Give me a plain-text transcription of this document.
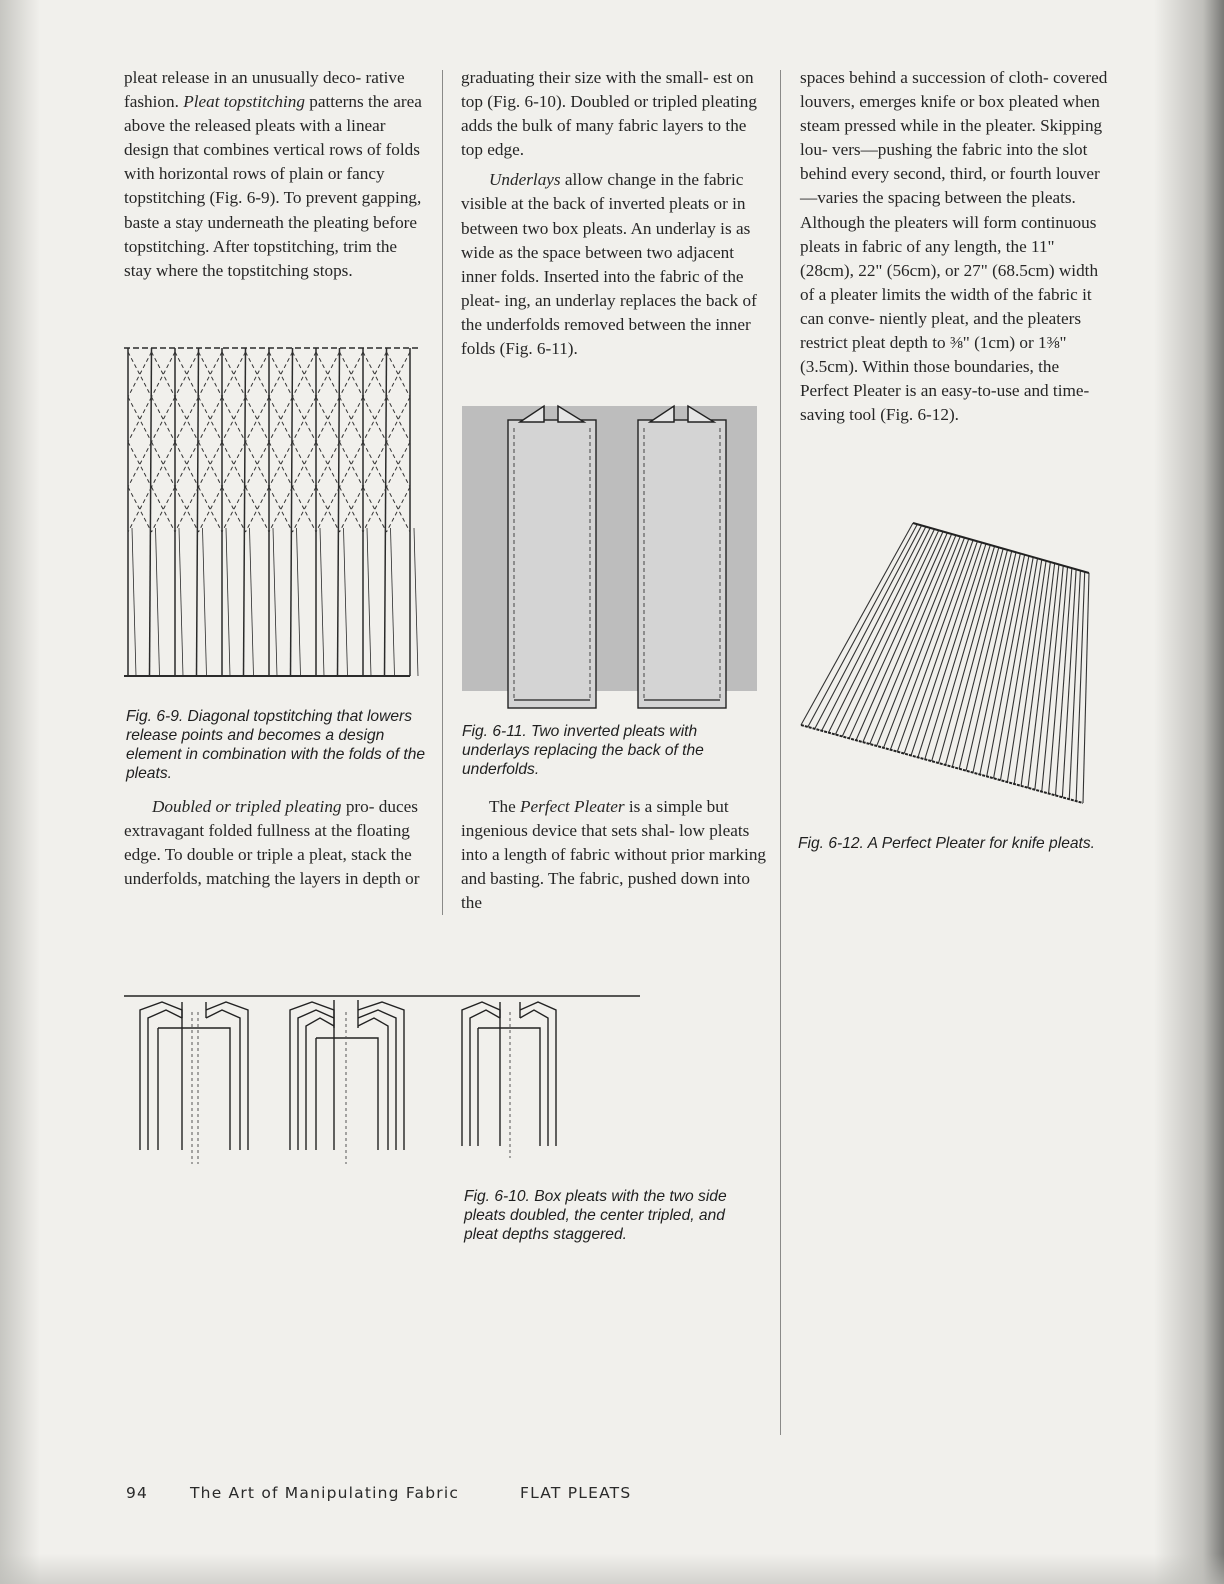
pleat release in an unusually deco- rative fashion. Pleat topstitching patterns the area above the released pleats with a linear design that combines vertical rows of folds with horizontal rows of plain or fancy topstitching (Fig. 6-9). To prevent gapping, baste a stay underneath the pleating before topstitching. After topstitching, trim the stay where the topstitching stops.

Fig. 6-9. Diagonal topstitching that lowers release points and becomes a design element in combination with the folds of the pleats.

Doubled or tripled pleating pro- duces extravagant folded fullness at the floating edge. To double or triple a pleat, stack the underfolds, matching the layers in depth or

graduating their size with the small- est on top (Fig. 6-10). Doubled or tripled pleating adds the bulk of many fabric layers to the top edge.

Underlays allow change in the fabric visible at the back of inverted pleats or in between two box pleats. An underlay is as wide as the space between two adjacent inner folds. Inserted into the fabric of the pleat- ing, an underlay replaces the back of the underfolds removed between the inner folds (Fig. 6-11).

Fig. 6-11. Two inverted pleats with underlays replacing the back of the underfolds.

The Perfect Pleater is a simple but ingenious device that sets shal- low pleats into a length of fabric without prior marking and basting. The fabric, pushed down into the

spaces behind a succession of cloth- covered louvers, emerges knife or box pleated when steam pressed while in the pleater. Skipping lou- vers—pushing the fabric into the slot behind every second, third, or fourth louver—varies the spacing between the pleats. Although the pleaters will form continuous pleats in fabric of any length, the 11" (28cm), 22" (56cm), or 27" (68.5cm) width of a pleater limits the width of the fabric it can conve- niently pleat, and the pleaters restrict pleat depth to ⅜" (1cm) or 1⅜" (3.5cm). Within those boundaries, the Perfect Pleater is an easy-to-use and time-saving tool (Fig. 6-12).

Fig. 6-12. A Perfect Pleater for knife pleats.
Fig. 6-10. Box pleats with the two side pleats doubled, the center tripled, and pleat depths staggered.
94	The Art of Manipulating Fabric	FLAT PLEATS
